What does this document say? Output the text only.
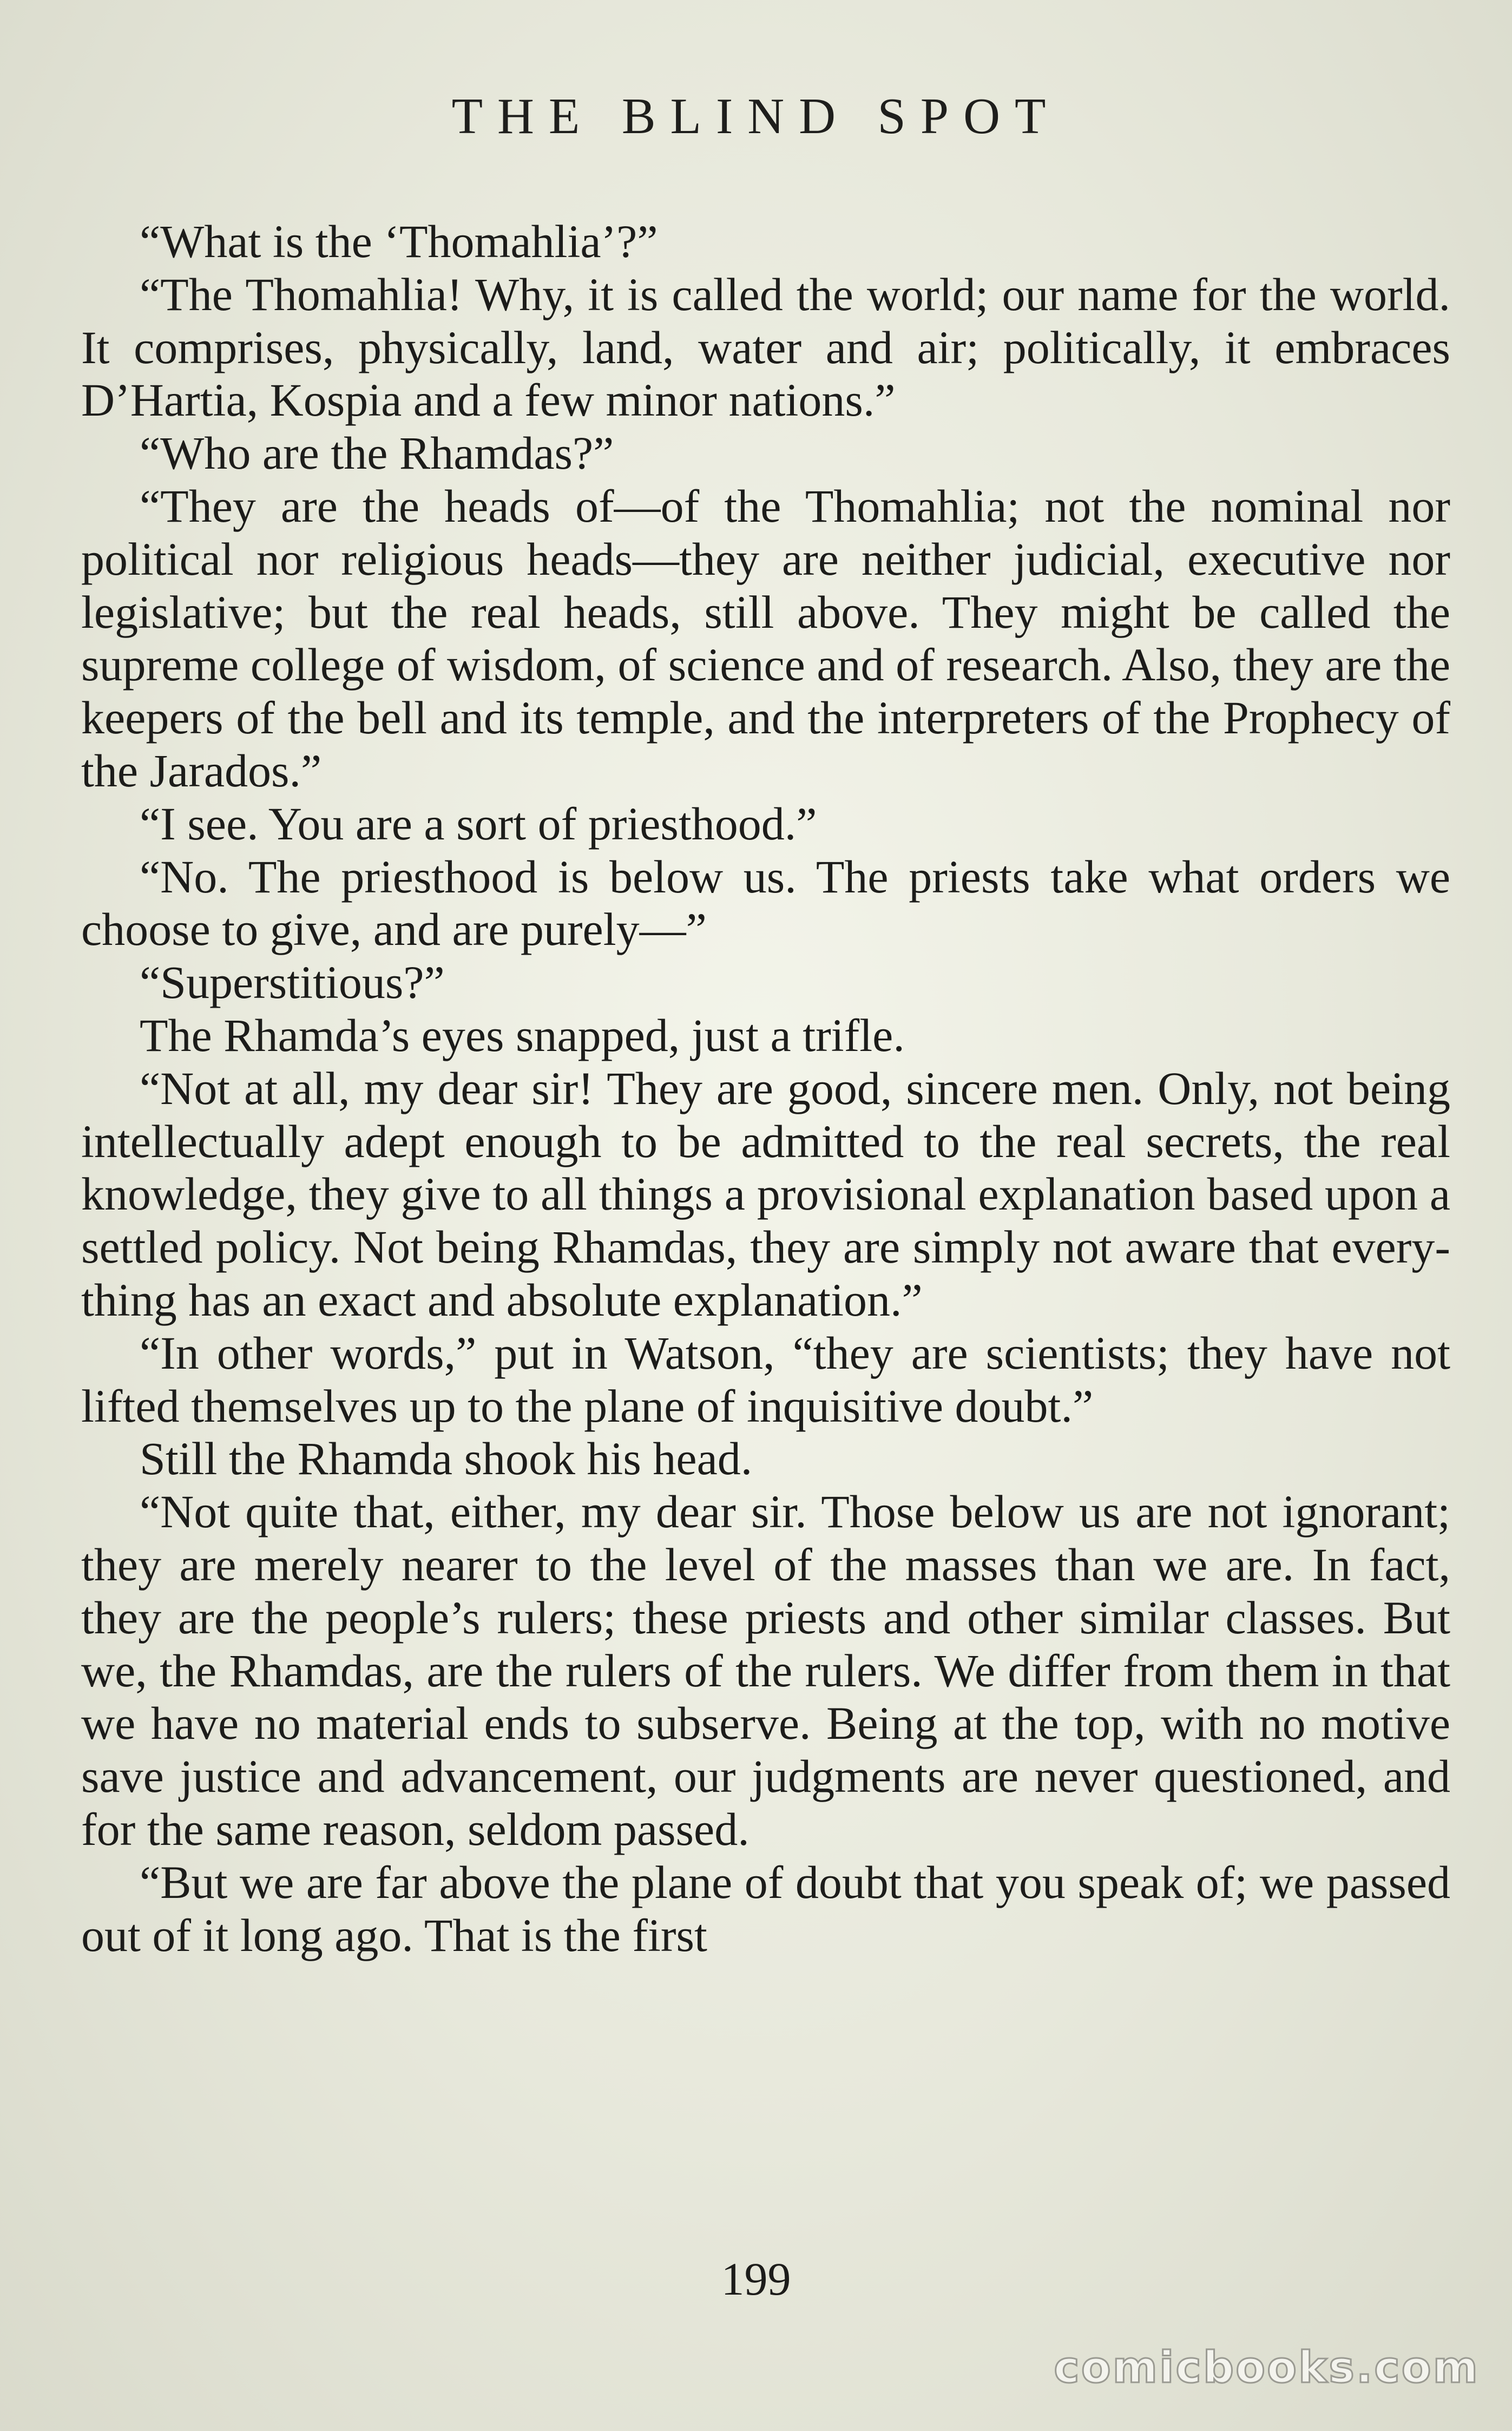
THE BLIND SPOT

“What is the ‘Thomahlia’?”

“The Thomahlia! Why, it is called the world; our name for the world. It comprises, physically, land, water and air; politically, it embraces D’Hartia, Kospia and a few minor nations.”

“Who are the Rhamdas?”

“They are the heads of—of the Thomahlia; not the nominal nor political nor religious heads—they are neither judicial, executive nor legislative; but the real heads, still above. They might be called the supreme college of wisdom, of science and of research. Also, they are the keepers of the bell and its temple, and the interpreters of the Prophecy of the Jarados.”

“I see. You are a sort of priesthood.”

“No. The priesthood is below us. The priests take what orders we choose to give, and are purely—”

“Superstitious?”

The Rhamda’s eyes snapped, just a trifle.

“Not at all, my dear sir! They are good, sincere men. Only, not being intellectually adept enough to be admitted to the real secrets, the real knowledge, they give to all things a provisional explanation based upon a settled policy. Not being Rhamdas, they are simply not aware that every-thing has an exact and absolute explanation.”

“In other words,” put in Watson, “they are scientists; they have not lifted themselves up to the plane of inquisitive doubt.”

Still the Rhamda shook his head.

“Not quite that, either, my dear sir. Those below us are not ignorant; they are merely nearer to the level of the masses than we are. In fact, they are the people’s rulers; these priests and other similar classes. But we, the Rhamdas, are the rulers of the rulers. We differ from them in that we have no material ends to subserve. Being at the top, with no motive save justice and advancement, our judgments are never questioned, and for the same reason, seldom passed.

“But we are far above the plane of doubt that you speak of; we passed out of it long ago. That is the first

199
comicbooks.com
